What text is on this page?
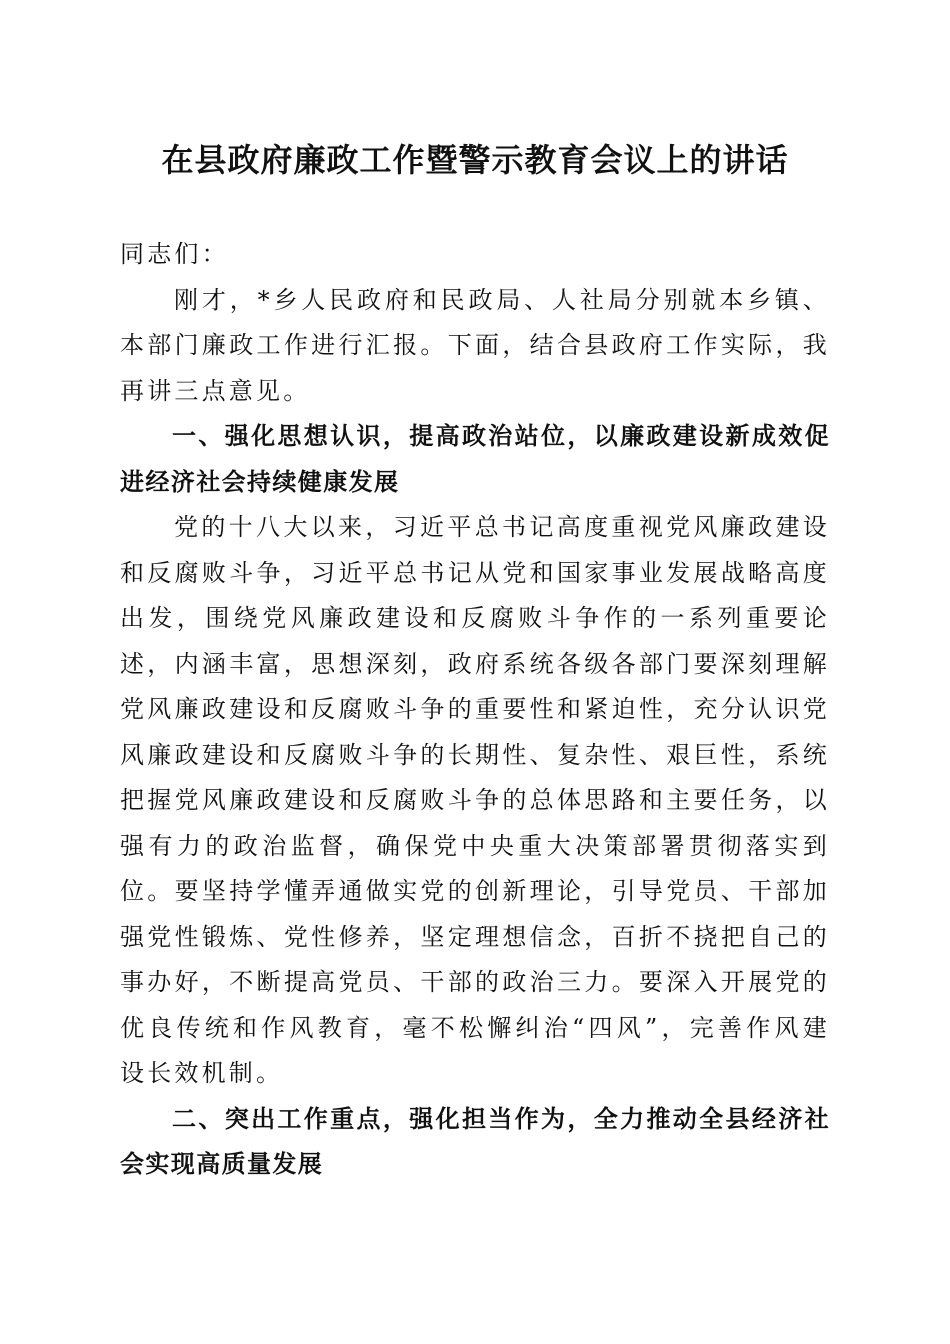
在县政府廉政工作暨警示教育会议上的讲话

同志们：

刚才，*乡人民政府和民政局、人社局分别就本乡镇、本部门廉政工作进行汇报。下面，结合县政府工作实际，我再讲三点意见。

一、强化思想认识，提高政治站位，以廉政建设新成效促进经济社会持续健康发展

党的十八大以来，习近平总书记高度重视党风廉政建设和反腐败斗争，习近平总书记从党和国家事业发展战略高度出发，围绕党风廉政建设和反腐败斗争作的一系列重要论述，内涵丰富，思想深刻，政府系统各级各部门要深刻理解党风廉政建设和反腐败斗争的重要性和紧迫性，充分认识党风廉政建设和反腐败斗争的长期性、复杂性、艰巨性，系统把握党风廉政建设和反腐败斗争的总体思路和主要任务，以强有力的政治监督，确保党中央重大决策部署贯彻落实到位。要坚持学懂弄通做实党的创新理论，引导党员、干部加强党性锻炼、党性修养，坚定理想信念，百折不挠把自己的事办好，不断提高党员、干部的政治三力。要深入开展党的优良传统和作风教育，毫不松懈纠治“四风”，完善作风建设长效机制。

二、突出工作重点，强化担当作为，全力推动全县经济社会实现高质量发展
